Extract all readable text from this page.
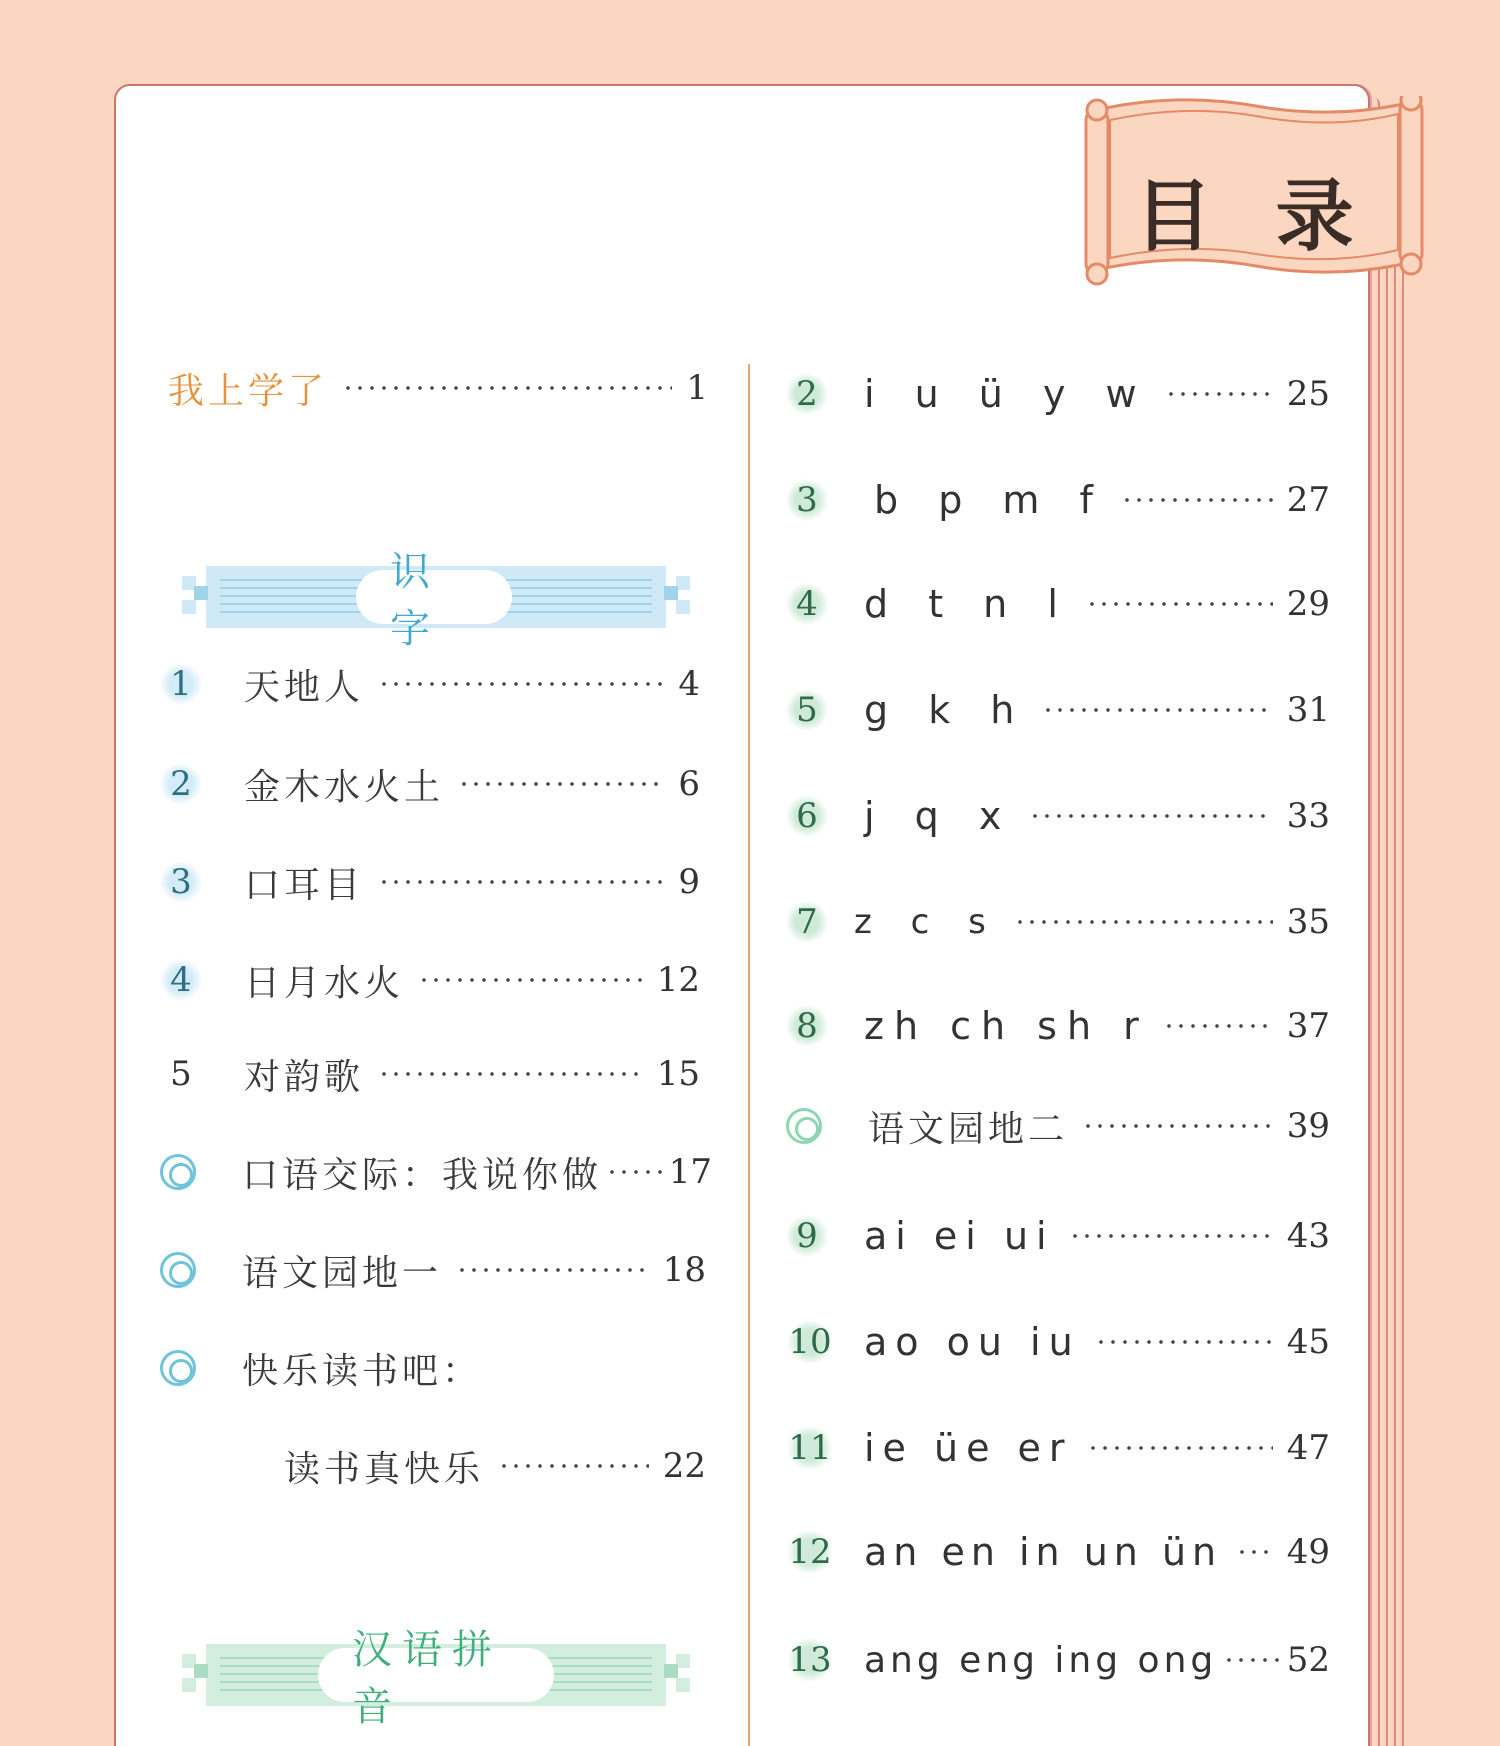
目 录
我上学了	1
识字
1 天地人	4
2 金木水火土	6
3 口耳目	9
4 日月水火	12
5 对韵歌	15
口语交际：我说你做 17
语文园地一	18
快乐读书吧：
读书真快乐	22
汉语拼音
2 i u ü y w	25
3 b p m f	27
4 d t n l	29
5 g k h	31
6 j q x	33
7 z c s	35
8 zh ch sh r	37
语文园地二	39
9 ai ei ui	43
10 ao ou iu	45
11 ie üe er	47
12 an en in un ün 49
13 ang eng ing ong 52
